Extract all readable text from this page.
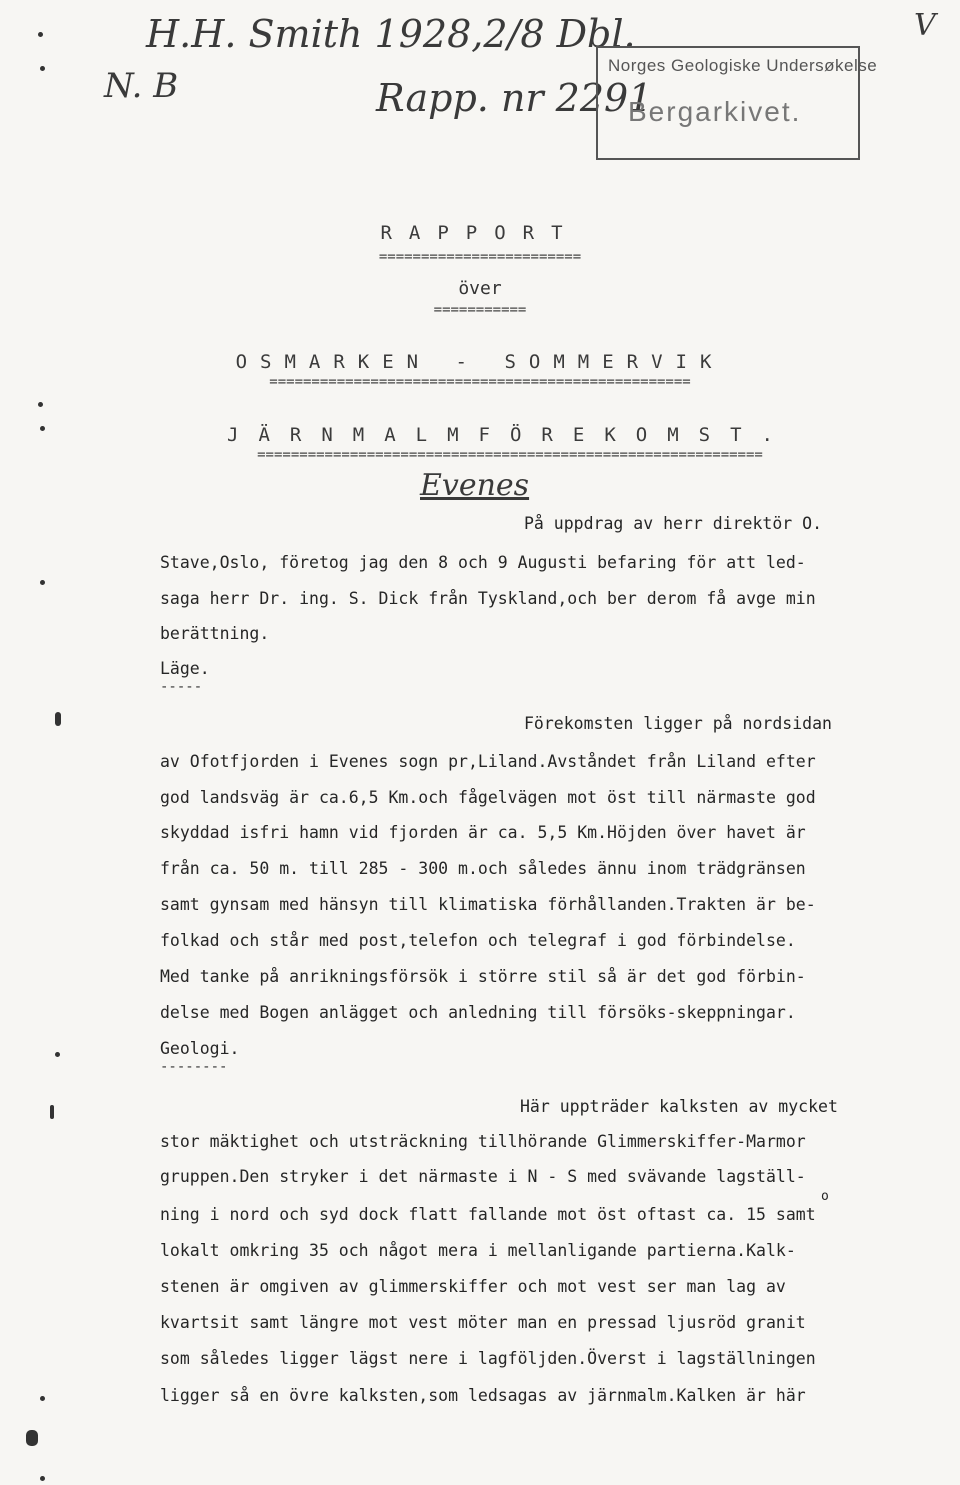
H.H. Smith 1928,2/8 Dbl.
N. B	Rapp. nr 2291
Evenes
V
Norges Geologiske Undersøkelse
Bergarkivet.
RAPPORT
========================
över
===========
OSMARKEN - SOMMERVIK
==================================================
JÄRNMALMFÖREKOMST.
============================================================
På uppdrag av herr direktör O.
Stave,Oslo, företog jag den 8 och 9 Augusti befaring för att led-
saga herr Dr. ing. S. Dick från Tyskland,och ber derom få avge min
berättning.
Läge.
-----
Förekomsten ligger på nordsidan
av Ofotfjorden i Evenes sogn pr,Liland.Avståndet från Liland efter
god landsväg är ca.6,5 Km.och fågelvägen mot öst till närmaste god
skyddad isfri hamn vid fjorden är ca. 5,5 Km.Höjden över havet är
från ca. 50 m. till 285 - 300 m.och således ännu inom trädgränsen
samt gynsam med hänsyn till klimatiska förhållanden.Trakten är be-
folkad och står med post,telefon och telegraf i god förbindelse.
Med tanke på anrikningsförsök i större stil så är det god förbin-
delse med Bogen anlägget och anledning till försöks-skeppningar.
Geologi.
--------
Här uppträder kalksten av mycket
stor mäktighet och utsträckning tillhörande Glimmerskiffer-Marmor
gruppen.Den stryker i det närmaste i N - S med svävande lagställ-
o
ning i nord och syd dock flatt fallande mot öst oftast ca. 15 samt
lokalt omkring 35 och något mera i mellanligande partierna.Kalk-
stenen är omgiven av glimmerskiffer och mot vest ser man lag av
kvartsit samt längre mot vest möter man en pressad ljusröd granit
som således ligger lägst nere i lagföljden.Överst i lagställningen
ligger så en övre kalksten,som ledsagas av järnmalm.Kalken är här
